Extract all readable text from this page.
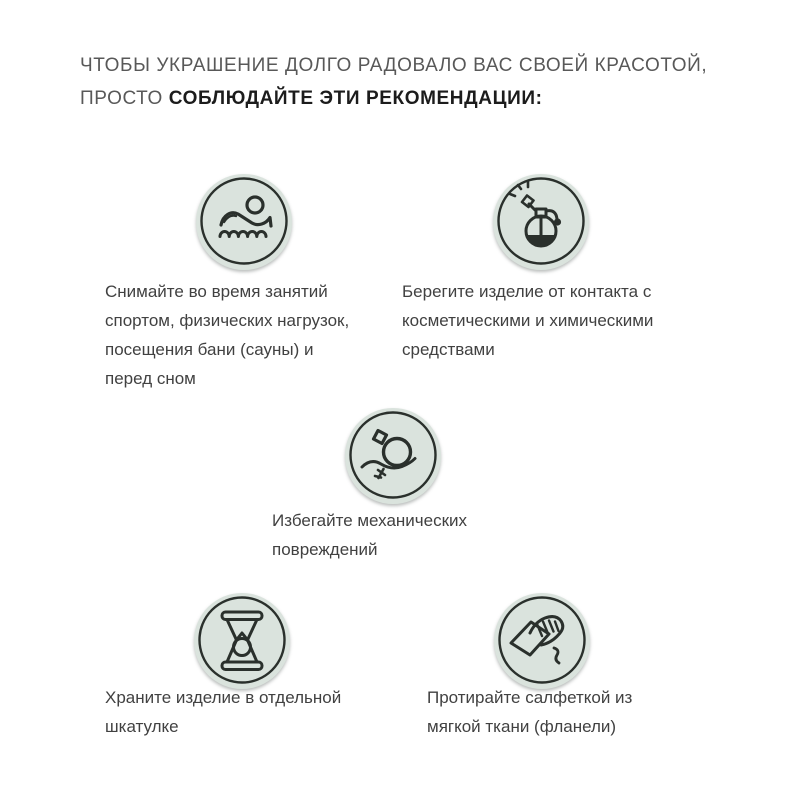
ЧТОБЫ УКРАШЕНИЕ ДОЛГО РАДОВАЛО ВАС СВОЕЙ КРАСОТОЙ, ПРОСТО СОБЛЮДАЙТЕ ЭТИ РЕКОМЕНДАЦИИ:
Снимайте во время занятий спортом, физических нагрузок, посещения бани (сауны) и перед сном
Берегите изделие от контакта с косметическими и химическими средствами
Избегайте механических повреждений
Храните изделие в отдельной шкатулке
Протирайте салфеткой из мягкой ткани (фланели)
